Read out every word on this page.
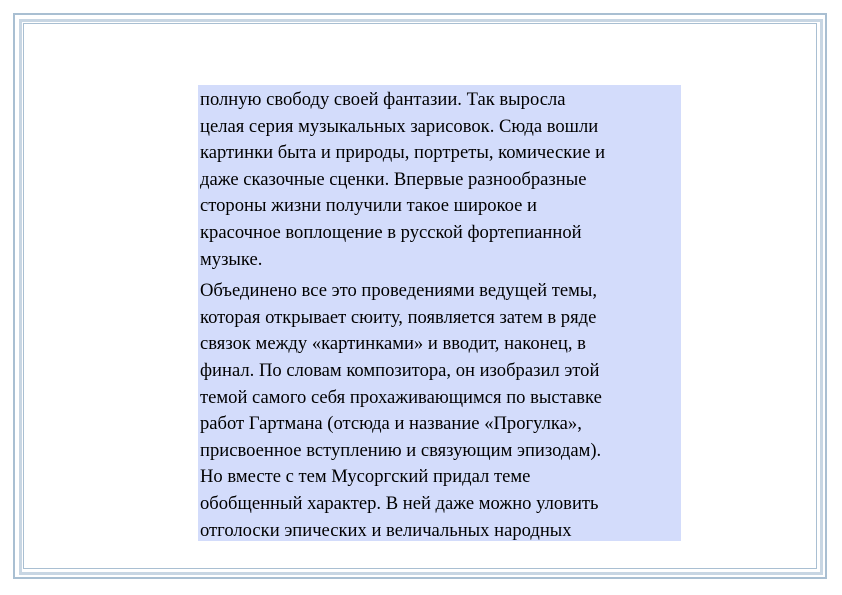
полную свободу своей фантазии. Так выросла
целая серия музыкальных зарисовок. Сюда вошли
картинки быта и природы, портреты, комические и
даже сказочные сценки. Впервые разнообразные
стороны жизни получили такое широкое и
красочное воплощение в русской фортепианной
музыке.

Объединено все это проведениями ведущей темы,
которая открывает сюиту, появляется затем в ряде
связок между «картинками» и вводит, наконец, в
финал. По словам композитора, он изобразил этой
темой самого себя прохаживающимся по выставке
работ Гартмана (отсюда и название «Прогулка»,
присвоенное вступлению и связующим эпизодам).
Но вместе с тем Мусоргский придал теме
обобщенный характер. В ней даже можно уловить
отголоски эпических и величальных народных
